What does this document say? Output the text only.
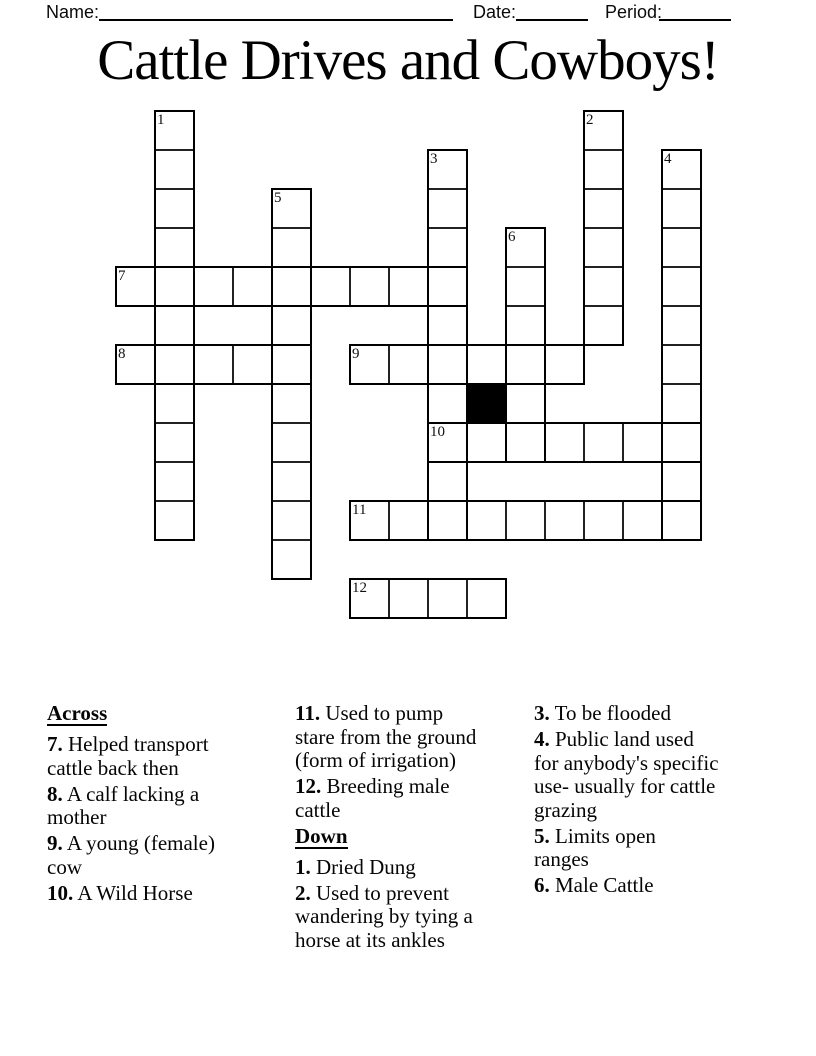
Name:	Date:	Period:
Cattle Drives and Cowboys!
1	2
3	4
5
6
7
8	9
10
11
12
Across
7. Helped transport
cattle back then
8. A calf lacking a
mother
9. A young (female)
cow
10. A Wild Horse
11. Used to pump
stare from the ground
(form of irrigation)
12. Breeding male
cattle
Down
1. Dried Dung
2. Used to prevent
wandering by tying a
horse at its ankles
3. To be flooded
4. Public land used
for anybody's specific
use- usually for cattle
grazing
5. Limits open
ranges
6. Male Cattle
